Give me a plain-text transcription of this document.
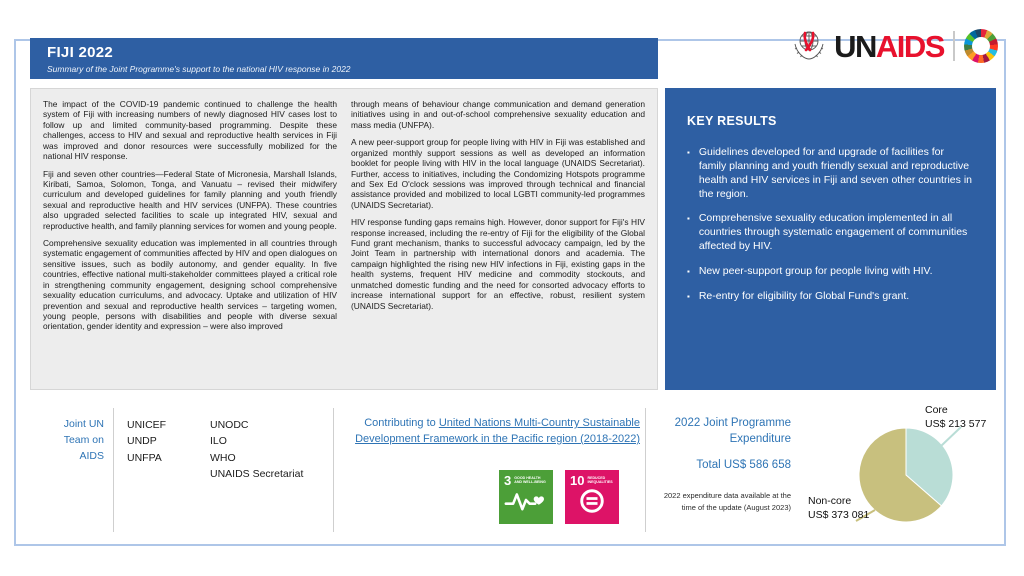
FIJI 2022
Summary of the Joint Programme's support to the national HIV response in 2022
UNAIDS

The impact of the COVID-19 pandemic continued to challenge the health system of Fiji with increasing numbers of newly diagnosed HIV cases lost to follow up and limited community-based programming. Despite these challenges, access to HIV and sexual and reproductive health services in Fiji was improved and donor resources were successfully mobilized for the national HIV response.

Fiji and seven other countries—Federal State of Micronesia, Marshall Islands, Kiribati, Samoa, Solomon, Tonga, and Vanuatu – revised their midwifery curriculum and developed guidelines for family planning and youth friendly sexual and reproductive health and HIV services (UNFPA). These countries also upgraded selected facilities to scale up integrated HIV, sexual and reproductive health, and family planning services for women and young people.

Comprehensive sexuality education was implemented in all countries through systematic engagement of communities affected by HIV and open dialogues on sensitive issues, such as bodily autonomy, and gender equality. In five countries, effective national multi-stakeholder committees played a critical role in strengthening community engagement, designing school comprehensive sexuality education curriculums, and advocacy. Uptake and utilization of HIV prevention and sexual and reproductive health services – targeting women, young people, persons with disabilities and people with diverse sexual orientation, gender identity and expression – were also improved

through means of behaviour change communication and demand generation initiatives using in and out-of-school comprehensive sexuality education and mass media (UNFPA).

A new peer-support group for people living with HIV in Fiji was established and organized monthly support sessions as well as developed an information booklet for people living with HIV in the local language (UNAIDS Secretariat). Further, access to initiatives, including the Condomizing Hotspots programme and Sex Ed O'clock sessions was improved through technical and financial assistance provided and mobilized to local LGBTI community-led programmes (UNAIDS Secretariat).

HIV response funding gaps remains high. However, donor support for Fiji's HIV response increased, including the re-entry of Fiji for the eligibility of the Global Fund grant mechanism, thanks to successful advocacy campaign, led by the Joint Team in partnership with international donors and academia. The campaign highlighted the rising new HIV infections in Fiji, existing gaps in the health systems, frequent HIV medicine and commodity stockouts, and unmatched domestic funding and the need for consorted advocacy efforts to increase international support for an effective, robust, resilient system (UNAIDS Secretariat).

KEY RESULTS
▪ Guidelines developed for and upgrade of facilities for family planning and youth friendly sexual and reproductive health and HIV services in Fiji and seven other countries in the region.
▪ Comprehensive sexuality education implemented in all countries through systematic engagement of communities affected by HIV.
▪ New peer-support group for people living with HIV.
▪ Re-entry for eligibility for Global Fund's grant.
Joint UN Team on AIDS
UNICEF
UNDP
UNFPA
UNODC
ILO
WHO
UNAIDS Secretariat
Contributing to United Nations Multi-Country Sustainable Development Framework in the Pacific region (2018-2022)
3 GOOD HEALTH AND WELL-BEING 10 REDUCED INEQUALITIES
2022 Joint Programme Expenditure
Total US$ 586 658
2022 expenditure data available at the time of the update (August 2023)
Core
US$ 213 577
Non-core
US$ 373 081
